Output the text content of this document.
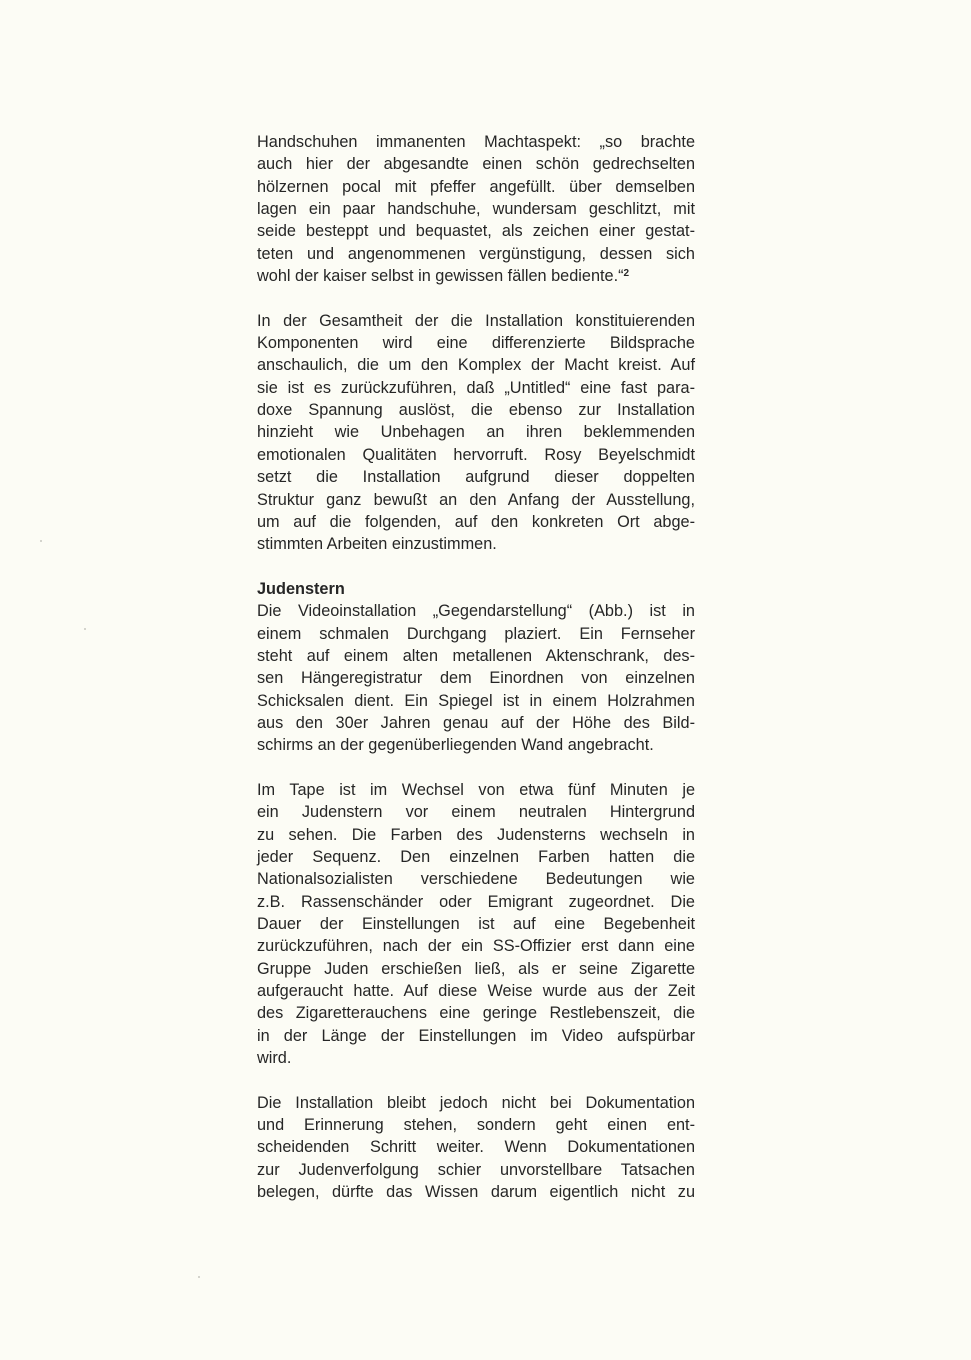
Handschuhen immanenten Machtaspekt: „so brachte
auch hier der abgesandte einen schön gedrechselten
hölzernen pocal mit pfeffer angefüllt. über demselben
lagen ein paar handschuhe, wundersam geschlitzt, mit
seide besteppt und bequastet, als zeichen einer gestat-
teten und angenommenen vergünstigung, dessen sich
wohl der kaiser selbst in gewissen fällen bediente.“$^2$
In der Gesamtheit der die Installation konstituierenden
Komponenten wird eine differenzierte Bildsprache
anschaulich, die um den Komplex der Macht kreist. Auf
sie ist es zurückzuführen, daß „Untitled“ eine fast para-
doxe Spannung auslöst, die ebenso zur Installation
hinzieht wie Unbehagen an ihren beklemmenden
emotionalen Qualitäten hervorruft. Rosy Beyelschmidt
setzt die Installation aufgrund dieser doppelten
Struktur ganz bewußt an den Anfang der Ausstellung,
um auf die folgenden, auf den konkreten Ort abge-
stimmten Arbeiten einzustimmen.
Judenstern
Die Videoinstallation „Gegendarstellung“ (Abb.) ist in
einem schmalen Durchgang plaziert. Ein Fernseher
steht auf einem alten metallenen Aktenschrank, des-
sen Hängeregistratur dem Einordnen von einzelnen
Schicksalen dient. Ein Spiegel ist in einem Holzrahmen
aus den 30er Jahren genau auf der Höhe des Bild-
schirms an der gegenüberliegenden Wand angebracht.
Im Tape ist im Wechsel von etwa fünf Minuten je
ein Judenstern vor einem neutralen Hintergrund
zu sehen. Die Farben des Judensterns wechseln in
jeder Sequenz. Den einzelnen Farben hatten die
Nationalsozialisten verschiedene Bedeutungen wie
z.B. Rassenschänder oder Emigrant zugeordnet. Die
Dauer der Einstellungen ist auf eine Begebenheit
zurückzuführen, nach der ein SS-Offizier erst dann eine
Gruppe Juden erschießen ließ, als er seine Zigarette
aufgeraucht hatte. Auf diese Weise wurde aus der Zeit
des Zigaretterauchens eine geringe Restlebenszeit, die
in der Länge der Einstellungen im Video aufspürbar
wird.
Die Installation bleibt jedoch nicht bei Dokumentation
und Erinnerung stehen, sondern geht einen ent-
scheidenden Schritt weiter. Wenn Dokumentationen
zur Judenverfolgung schier unvorstellbare Tatsachen
belegen, dürfte das Wissen darum eigentlich nicht zu
